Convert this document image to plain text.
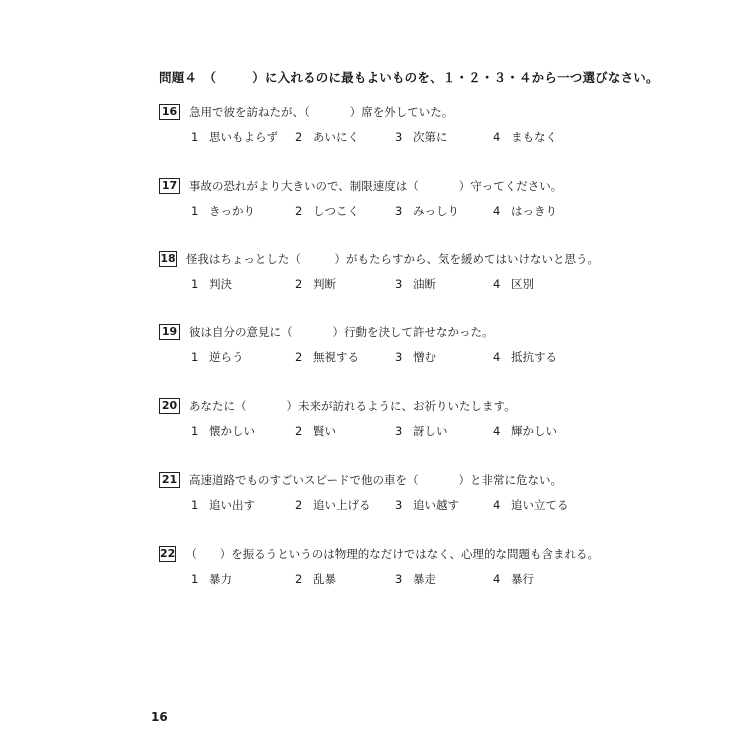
問題４　（	）に入れるのに最もよいものを、１・２・３・４から一つ選びなさい。
16 急用で彼を訪ねたが、（	）席を外していた。
1 思いもよらず 2 あいにく	3 次第に	4 まもなく
17 事故の恐れがより大きいので、制限速度は（	）守ってください。
1 きっかり	2 しつこく	3 みっしり	4 はっきり
18 怪我はちょっとした（	）がもたらすから、気を緩めてはいけないと思う。
1 判決	2 判断	3 油断	4 区別
19 彼は自分の意見に（	）行動を決して許せなかった。
1 逆らう	2 無視する	3 憎む	4 抵抗する
20 あなたに（	）未来が訪れるように、お祈りいたします。
1 懐かしい	2 賢い	3 訝しい	4 輝かしい
21 高速道路でものすごいスピードで他の車を（	）と非常に危ない。
1 追い出す	2 追い上げる 3 追い越す	4 追い立てる
22 （ ）を振るうというのは物理的なだけではなく、心理的な問題も含まれる。
1 暴力	2 乱暴	3 暴走	4 暴行
16
